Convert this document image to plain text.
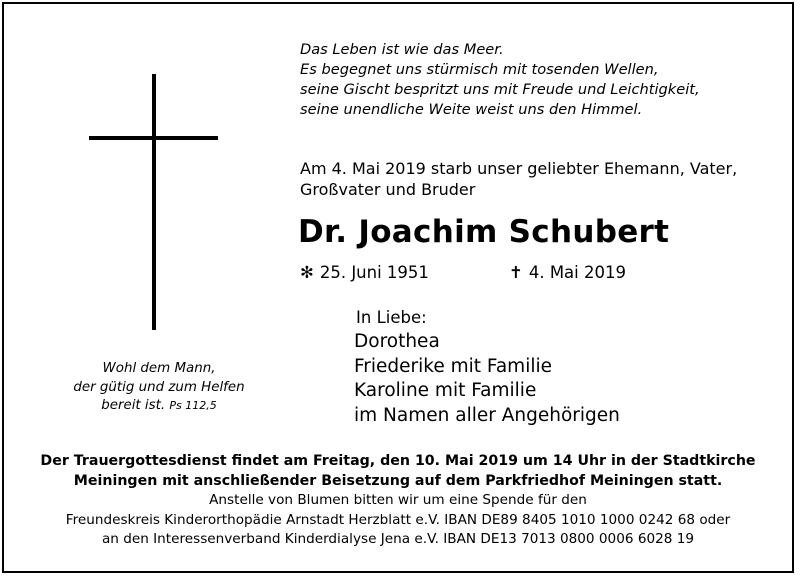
Das Leben ist wie das Meer.
Es begegnet uns stürmisch mit tosenden Wellen,
seine Gischt bespritzt uns mit Freude und Leichtigkeit,
seine unendliche Weite weist uns den Himmel.
Am 4. Mai 2019 starb unser geliebter Ehemann, Vater,
Großvater und Bruder
Dr. Joachim Schubert
✻ 25. Juni 1951	✝ 4. Mai 2019
In Liebe:
Dorothea
Friederike mit Familie
Karoline mit Familie
im Namen aller Angehörigen
Wohl dem Mann,
der gütig und zum Helfen
bereit ist. Ps 112,5
Der Trauergottesdienst findet am Freitag, den 10. Mai 2019 um 14 Uhr in der Stadtkirche
Meiningen mit anschließender Beisetzung auf dem Parkfriedhof Meiningen statt.
Anstelle von Blumen bitten wir um eine Spende für den
Freundeskreis Kinderorthopädie Arnstadt Herzblatt e.V. IBAN DE89 8405 1010 1000 0242 68 oder
an den Interessenverband Kinderdialyse Jena e.V. IBAN DE13 7013 0800 0006 6028 19
